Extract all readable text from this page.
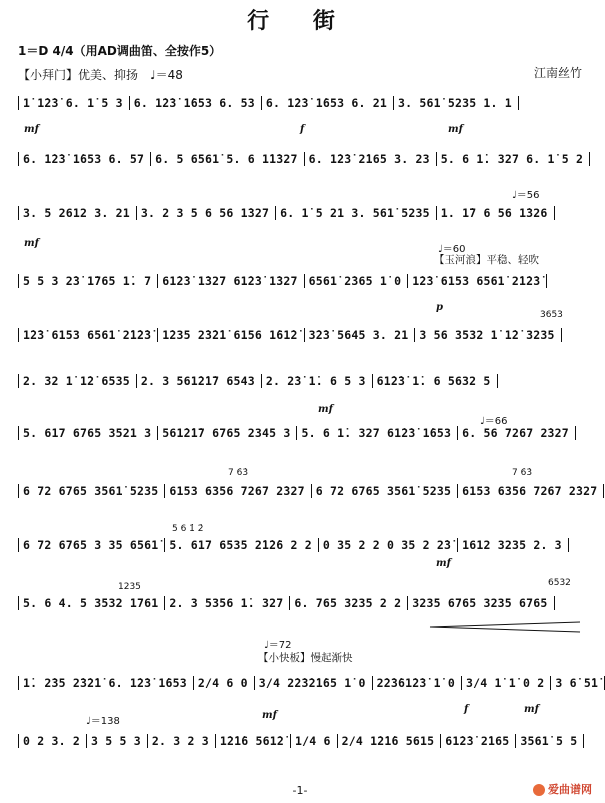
行 街
1＝D 4/4（用AD调曲笛、全按作5）
【小拜门】优美、抑扬 ♩＝48	江南丝竹
1̇ 1̇2̇3̇ 6. 1̇ 5 3 6. 1̇2̇3̇ 1̇653 6. 53 6. 1̇2̇3̇ 1̇653 6. 21 3. 561̇ 5235 1. 1
6. 1̇2̇3̇ 1̇653 6. 57 6. 5 6561̇ 5. 6 1̇1̇327 6. 1̇2̇3̇ 2̇165 3. 23 5. 6 1̇. 327 6. 1̇ 5 2
3. 5 2612 3. 21 3. 2 3 5 6 56 1̇327 6. 1̇ 5 21 3. 561̇ 5235 1. 1̇7 6 56 1̇326
5 5 3 2̇3̇ 1̇765 1̇. 7 61̇2̇3̇ 1̇327 61̇2̇3̇ 1̇327 6561̇ 2̇365 1̇ 0 1̇2̇3̇ 6153 6561̇ 2̇1̇2̇3̇
1̇2̇3̇ 6153 6561̇ 2̇1̇2̇3̇ 1̇235 2̇3̇2̇1̇ 6156 1̇61̇2̇ 3̇2̇3̇ 5645 3. 21 3 56 3532 1̇ 1̇2̇ 3235
2. 32 1̇ 1̇2̇ 6535 2. 3 561̇2̇1̇7 6543 2. 2̇3̇ 1̇. 6 5 3 61̇2̇3̇ 1̇. 6 5632 5
5. 617 6765 3521 3 561̇2̇1̇7 6765 2345 3 5. 6 1̇. 327 61̇2̇3̇ 1̇653 6. 56 7267 2̇327
6 72 6765 3561̇ 5235 6153 6356 7267 2̇327 6 72 6765 3561̇ 5235 6153 6356 7267 2̇327
6 72 6765 3 35 6561̇ 5. 617 6535 2̇1̇2̇6 2 2 0 35 2 2 0 35 2 2̇3̇ 1612 3235 2. 3
5. 6 4. 5 3532 1761 2. 3 5356 1̇. 327 6. 765 3235 2 2 3235 6765 3235 6765
1̇. 2̇35 2̇3̇2̇1̇ 6. 1̇2̇3̇ 1̇653 2/4 6 0 3/4 2̇2̇3̇2̇1̇65 1̇ 0 2̇2̇3̇61̇2̇3̇ 1̇ 0 3/4 1̇ 1̇ 0 2 3 6̇ 5̇1̇
0 2 3. 2 3 5 5 3 2. 3 2 3 1̇2̇1̇6 561̇2̇ 1/4 6 2/4 1̇2̇1̇6 5615 61̇2̇3̇ 2̇165 3561̇ 5 5
mf	f	mf
♩＝56
mf
♩＝60
【玉河浪】平稳、轻吹
p
3653
mf
♩＝66
7 6̇3̇	7 6̇3̇
5 6 1̇ 2̇
mf
1235	6532
♩＝72
【小快板】慢起渐快
mf
f	mf
♩＝138
-1-	爱曲谱网
